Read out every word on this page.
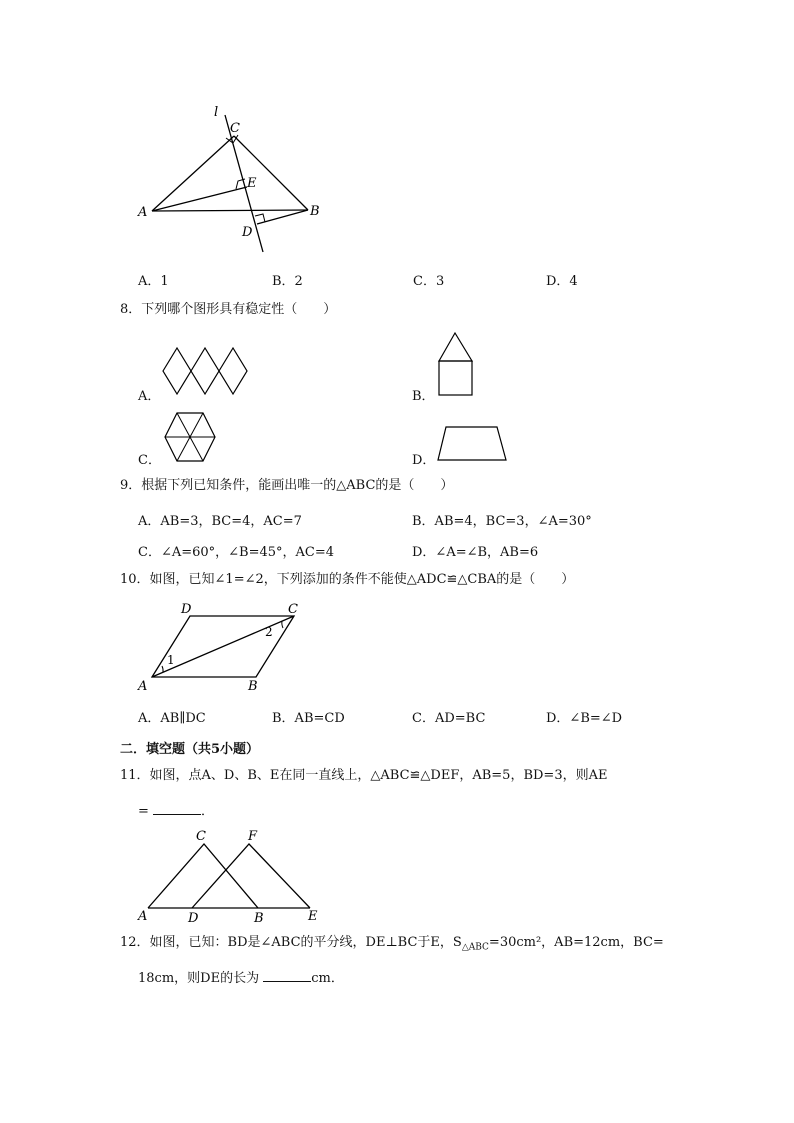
l
C
E
A	B
D
A．1	B．2	C．3	D．4
8．下列哪个图形具有稳定性（　　）
A．	B．
C．	D．
9．根据下列已知条件，能画出唯一的△ABC的是（　　）
A．AB=3，BC=4，AC=7	B．AB=4，BC=3，∠A=30°
C．∠A=60°，∠B=45°，AC=4	D．∠A=∠B，AB=6
10．如图，已知∠1=∠2，下列添加的条件不能使△ADC≌△CBA的是（　　）
D	C
A	B
1
2
A．AB∥DC	B．AB=CD	C．AD=BC	D．∠B=∠D
二．填空题（共5小题）
11．如图，点A、D、B、E在同一直线上，△ABC≌△DEF，AB=5，BD=3，则AE
=	．
C	F
A	D	B	E
12．如图，已知：BD是∠ABC的平分线，DE⊥BC于E，$S_{\triangle ABC}=30cm^2$，AB=12cm，BC=
18cm，则DE的长为	cm．
